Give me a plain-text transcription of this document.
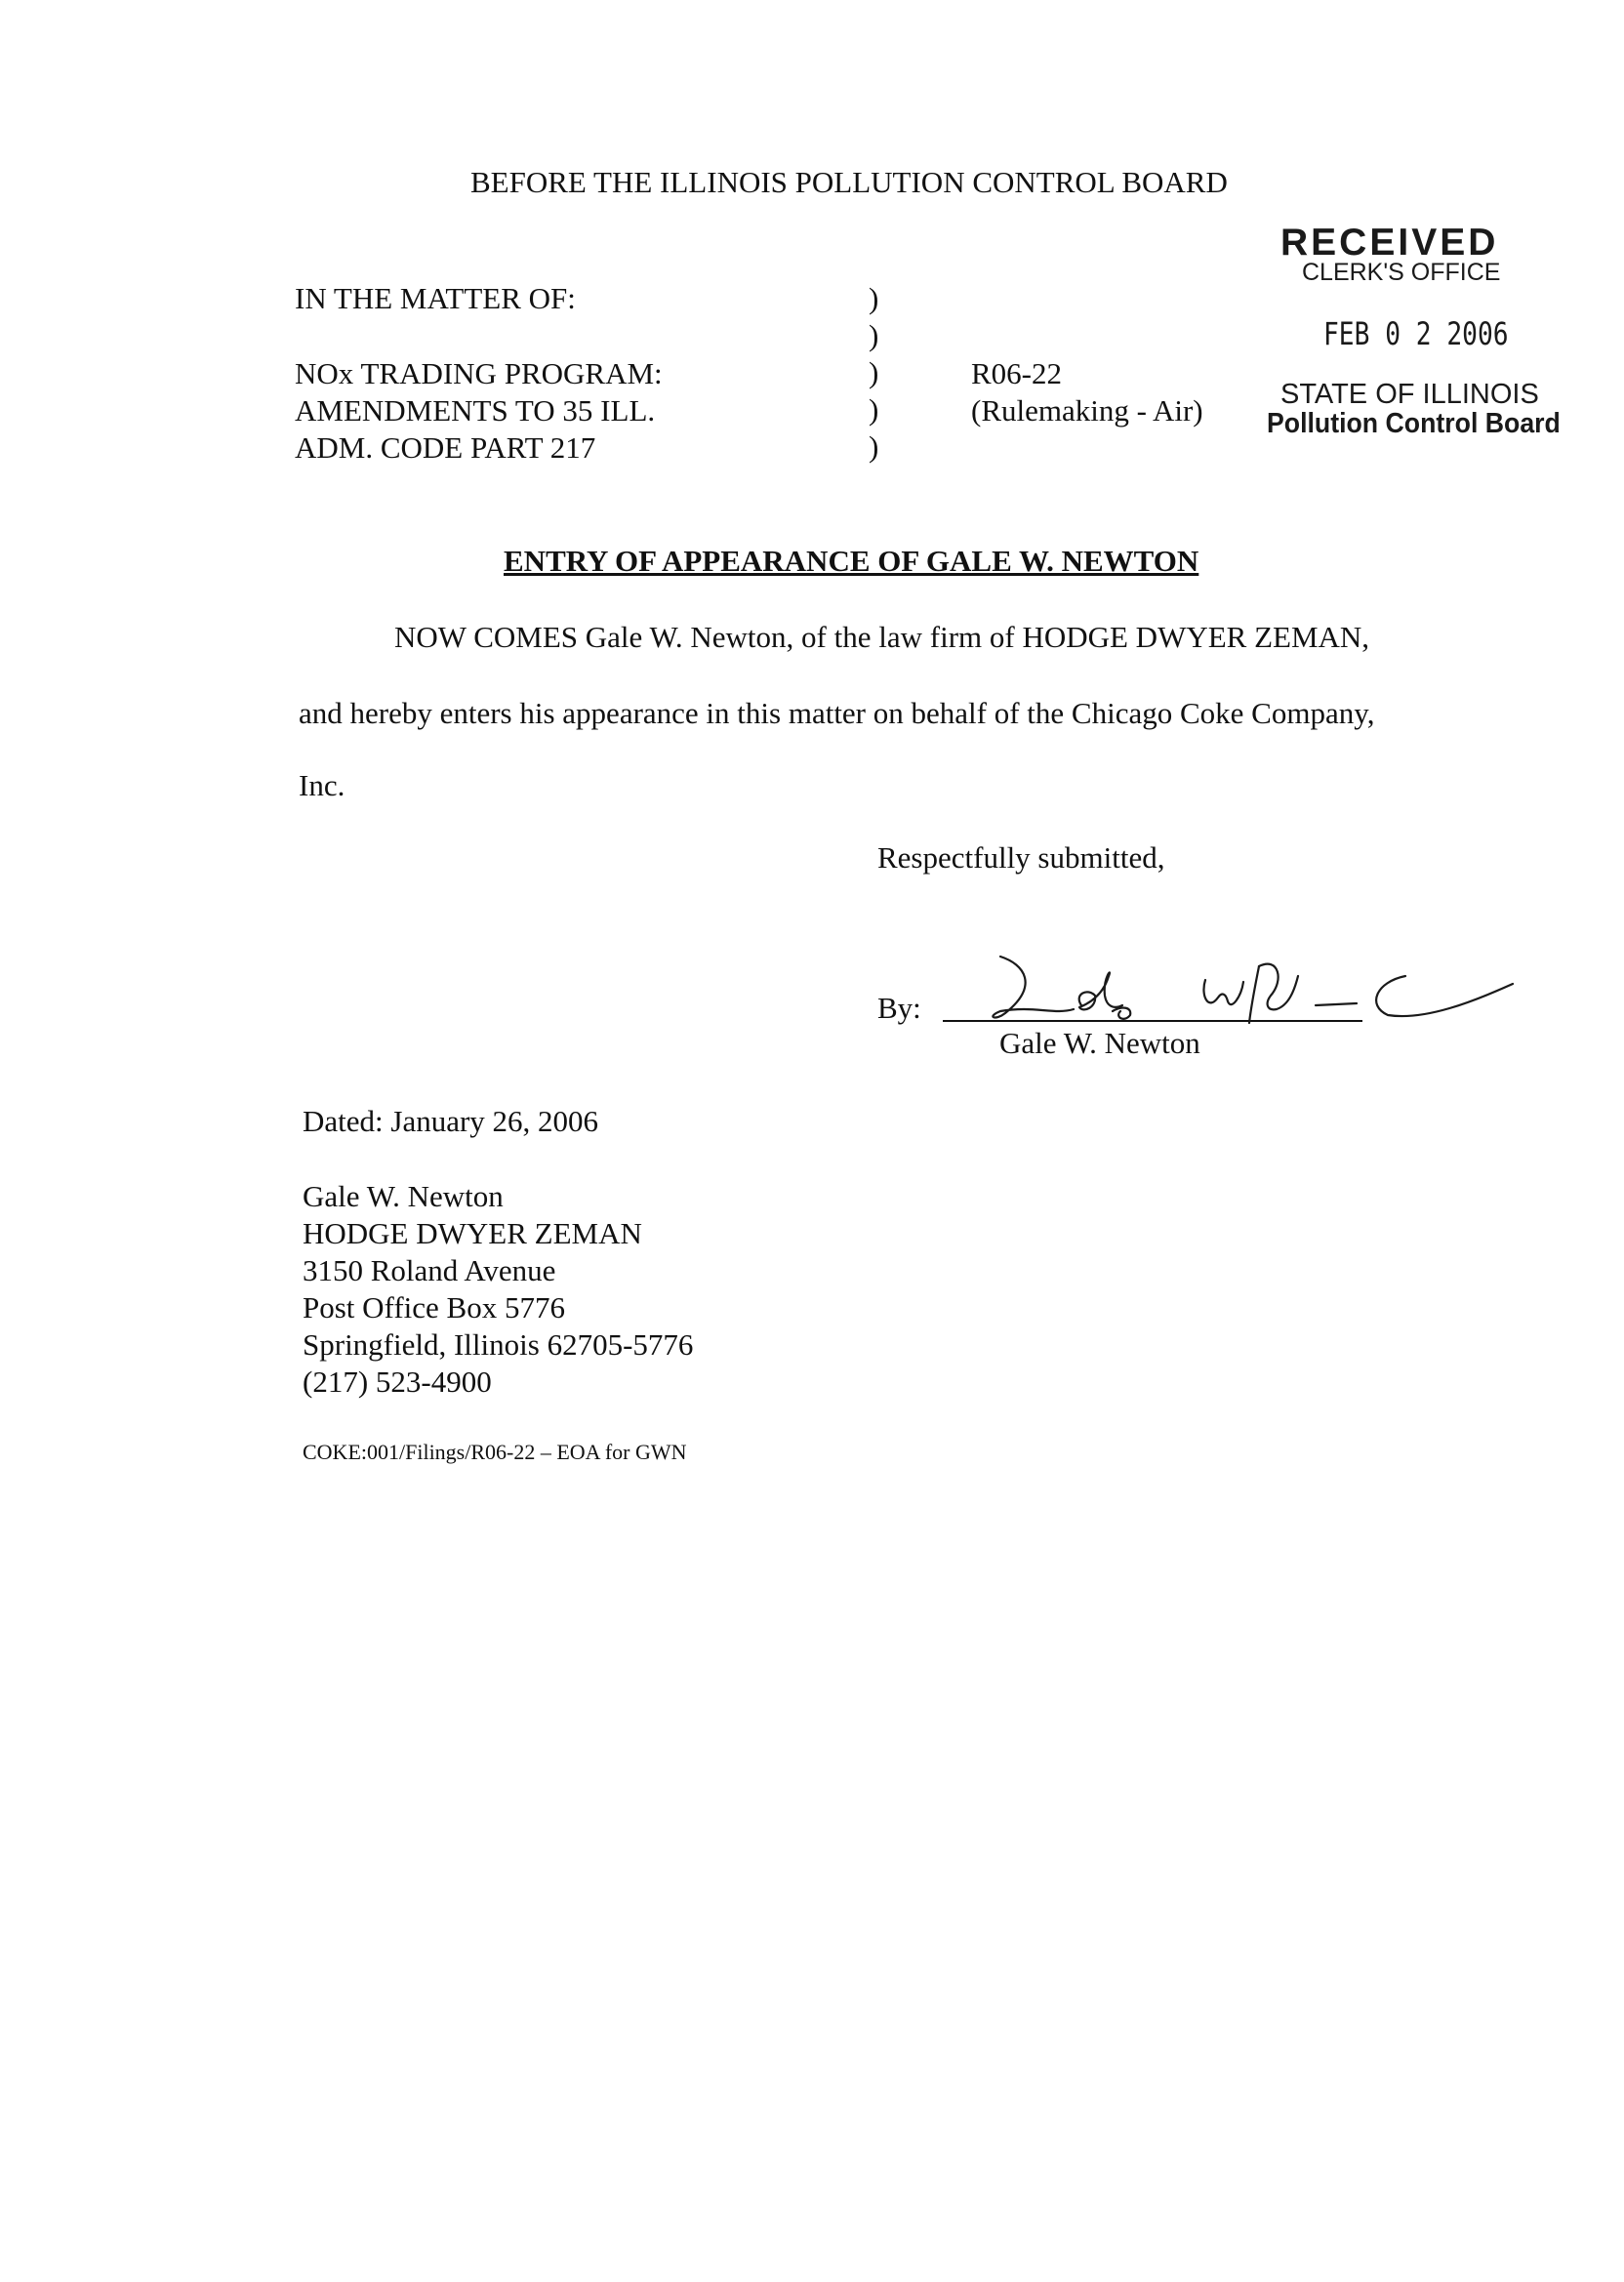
BEFORE THE ILLINOIS POLLUTION CONTROL BOARD
IN THE MATTER OF:
NOx TRADING PROGRAM:
AMENDMENTS TO 35 ILL.
ADM. CODE PART 217
)
)
)
)
)
R06-22
(Rulemaking - Air)
RECEIVED
CLERK'S OFFICE
FEB 0 2 2006
STATE OF ILLINOIS
Pollution Control Board
ENTRY OF APPEARANCE OF GALE W. NEWTON
NOW COMES Gale W. Newton, of the law firm of HODGE DWYER ZEMAN,
and hereby enters his appearance in this matter on behalf of the Chicago Coke Company,
Inc.
Respectfully submitted,
By:
Gale W. Newton
Dated: January 26, 2006
Gale W. Newton
HODGE DWYER ZEMAN
3150 Roland Avenue
Post Office Box 5776
Springfield, Illinois 62705-5776
(217) 523-4900
COKE:001/Filings/R06-22 – EOA for GWN
